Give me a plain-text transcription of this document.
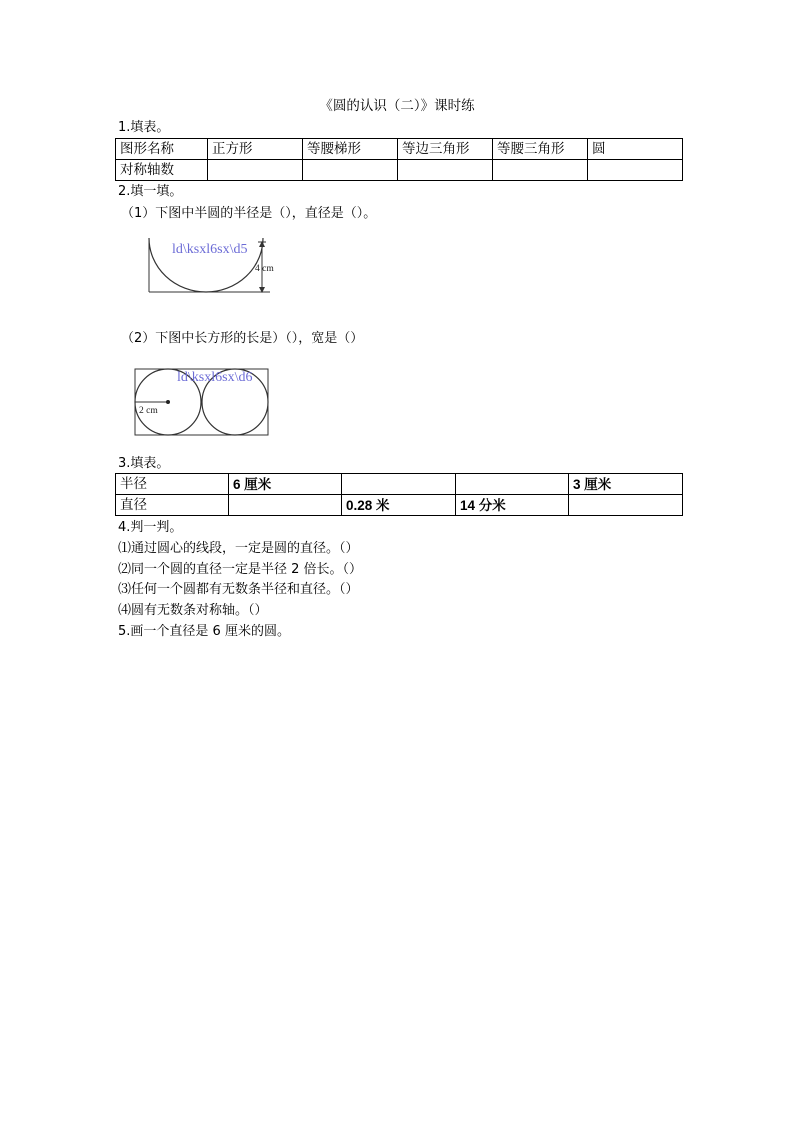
《圆的认识（二）》课时练
1.填表。
图形名称	正方形	等腰梯形	等边三角形	等腰三角形	圆
对称轴数					
2.填一填。
（1）下图中半圆的半径是（），直径是（）。
ld\ksxl6sx\d5
4 cm
（2）下图中长方形的长是）（），宽是（）
ld\ksxl6sx\d6
2 cm
3.填表。
半径	6 厘米			3 厘米
直径		0.28 米	14 分米	
4.判一判。
⑴通过圆心的线段，一定是圆的直径。（）
⑵同一个圆的直径一定是半径 2 倍长。（）
⑶任何一个圆都有无数条半径和直径。（）
⑷圆有无数条对称轴。（）
5.画一个直径是 6 厘米的圆。
